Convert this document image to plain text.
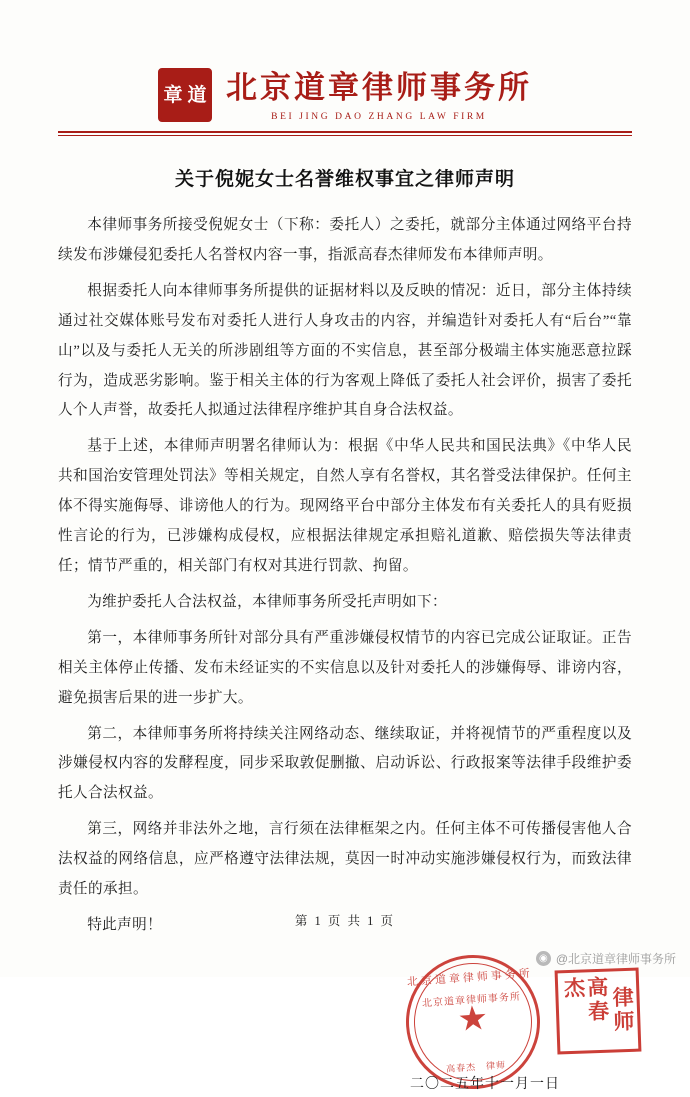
章 道 北京道章律师事务所
BEI JING DAO ZHANG LAW FIRM
关于倪妮女士名誉维权事宜之律师声明

本律师事务所接受倪妮女士（下称：委托人）之委托，就部分主体通过网络平台持续发布涉嫌侵犯委托人名誉权内容一事，指派高春杰律师发布本律师声明。

根据委托人向本律师事务所提供的证据材料以及反映的情况：近日，部分主体持续通过社交媒体账号发布对委托人进行人身攻击的内容，并编造针对委托人有“后台”“靠山”以及与委托人无关的所涉剧组等方面的不实信息，甚至部分极端主体实施恶意拉踩行为，造成恶劣影响。鉴于相关主体的行为客观上降低了委托人社会评价，损害了委托人个人声誉，故委托人拟通过法律程序维护其自身合法权益。

基于上述，本律师声明署名律师认为：根据《中华人民共和国民法典》《中华人民共和国治安管理处罚法》等相关规定，自然人享有名誉权，其名誉受法律保护。任何主体不得实施侮辱、诽谤他人的行为。现网络平台中部分主体发布有关委托人的具有贬损性言论的行为，已涉嫌构成侵权，应根据法律规定承担赔礼道歉、赔偿损失等法律责任；情节严重的，相关部门有权对其进行罚款、拘留。

为维护委托人合法权益，本律师事务所受托声明如下：

第一，本律师事务所针对部分具有严重涉嫌侵权情节的内容已完成公证取证。正告相关主体停止传播、发布未经证实的不实信息以及针对委托人的涉嫌侮辱、诽谤内容，避免损害后果的进一步扩大。

第二，本律师事务所将持续关注网络动态、继续取证，并将视情节的严重程度以及涉嫌侵权内容的发酵程度，同步采取敦促删撤、启动诉讼、行政报案等法律手段维护委托人合法权益。

第三，网络并非法外之地，言行须在法律框架之内。任何主体不可传播侵害他人合法权益的网络信息，应严格遵守法律法规，莫因一时冲动实施涉嫌侵权行为，而致法律责任的承担。

特此声明！

北京道章律师事务所
北京道章律师事务所
★
高春杰　律师
高春杰	律师
二〇二五年十一月一日
第 1 页 共 1 页
◉ @北京道章律师事务所
